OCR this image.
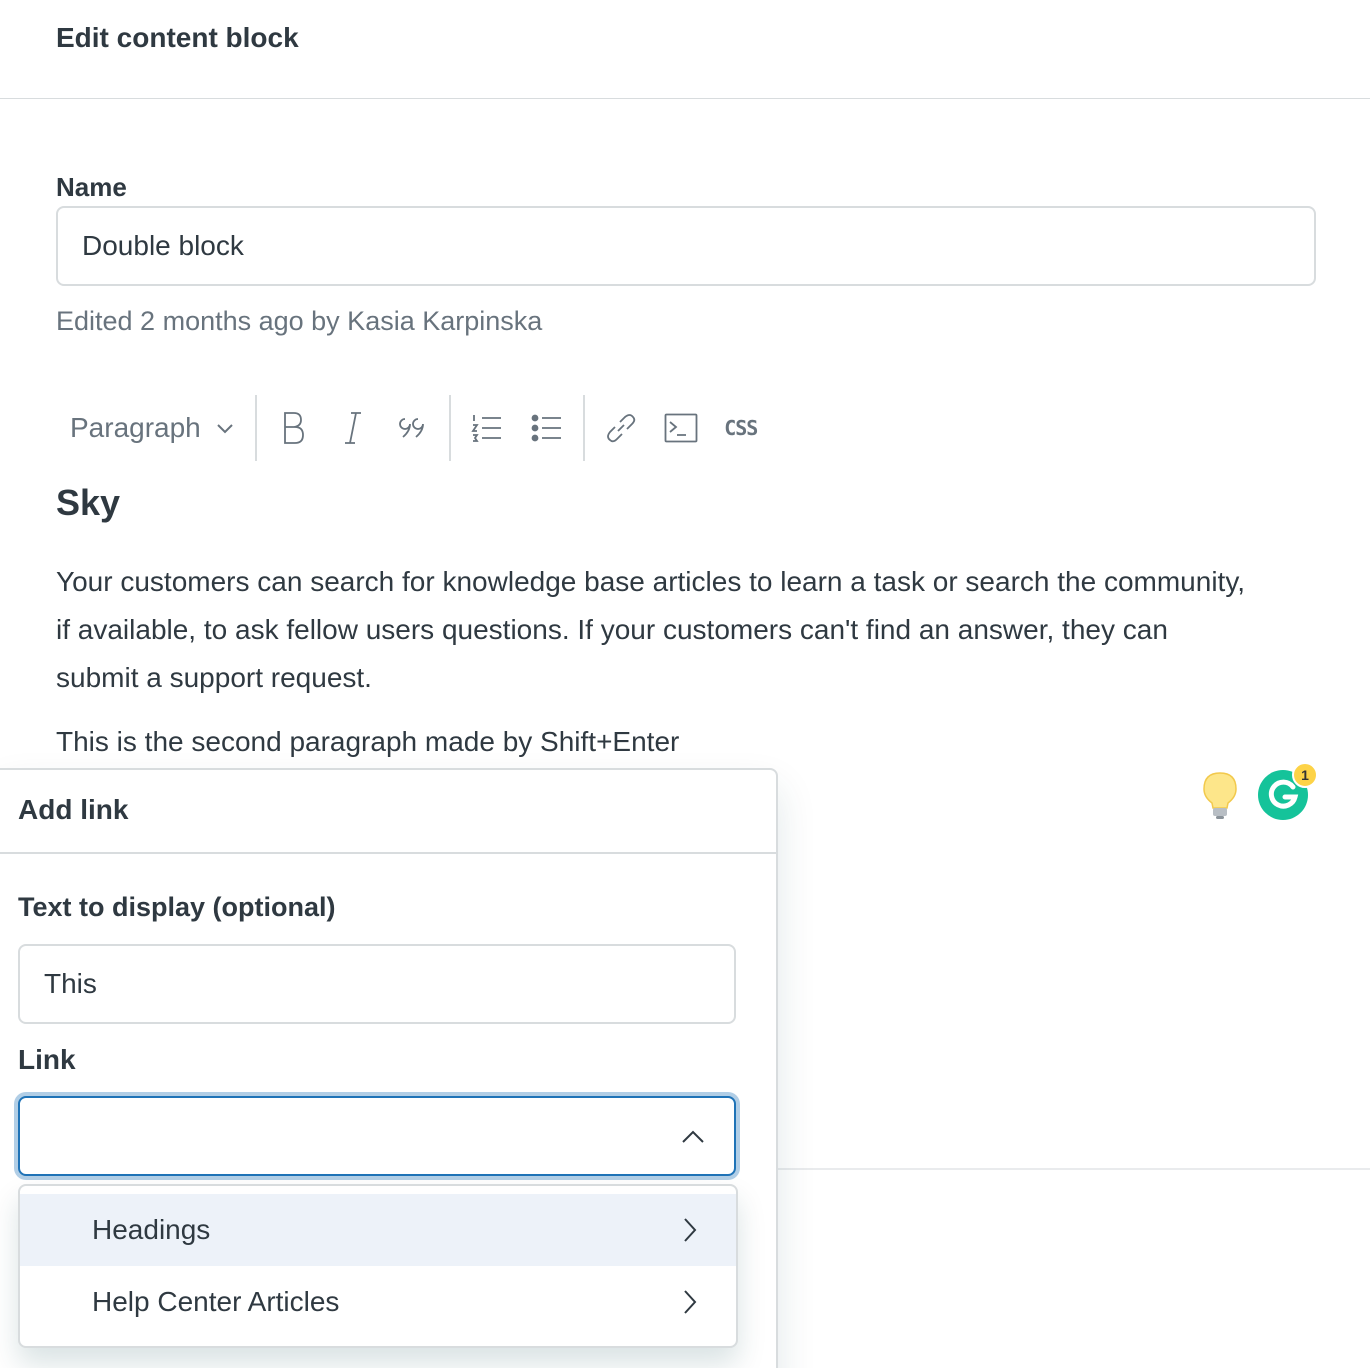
Edit content block
Name
Double block
Edited 2 months ago by Kasia Karpinska
Paragraph	CSS
Sky
Your customers can search for knowledge base articles to learn a task or search the community, if available, to ask fellow users questions. If your customers can't find an answer, they can submit a support request.
This is the second paragraph made by Shift+Enter
1
Add link
Text to display (optional)
This
Link
Headings
Help Center Articles
